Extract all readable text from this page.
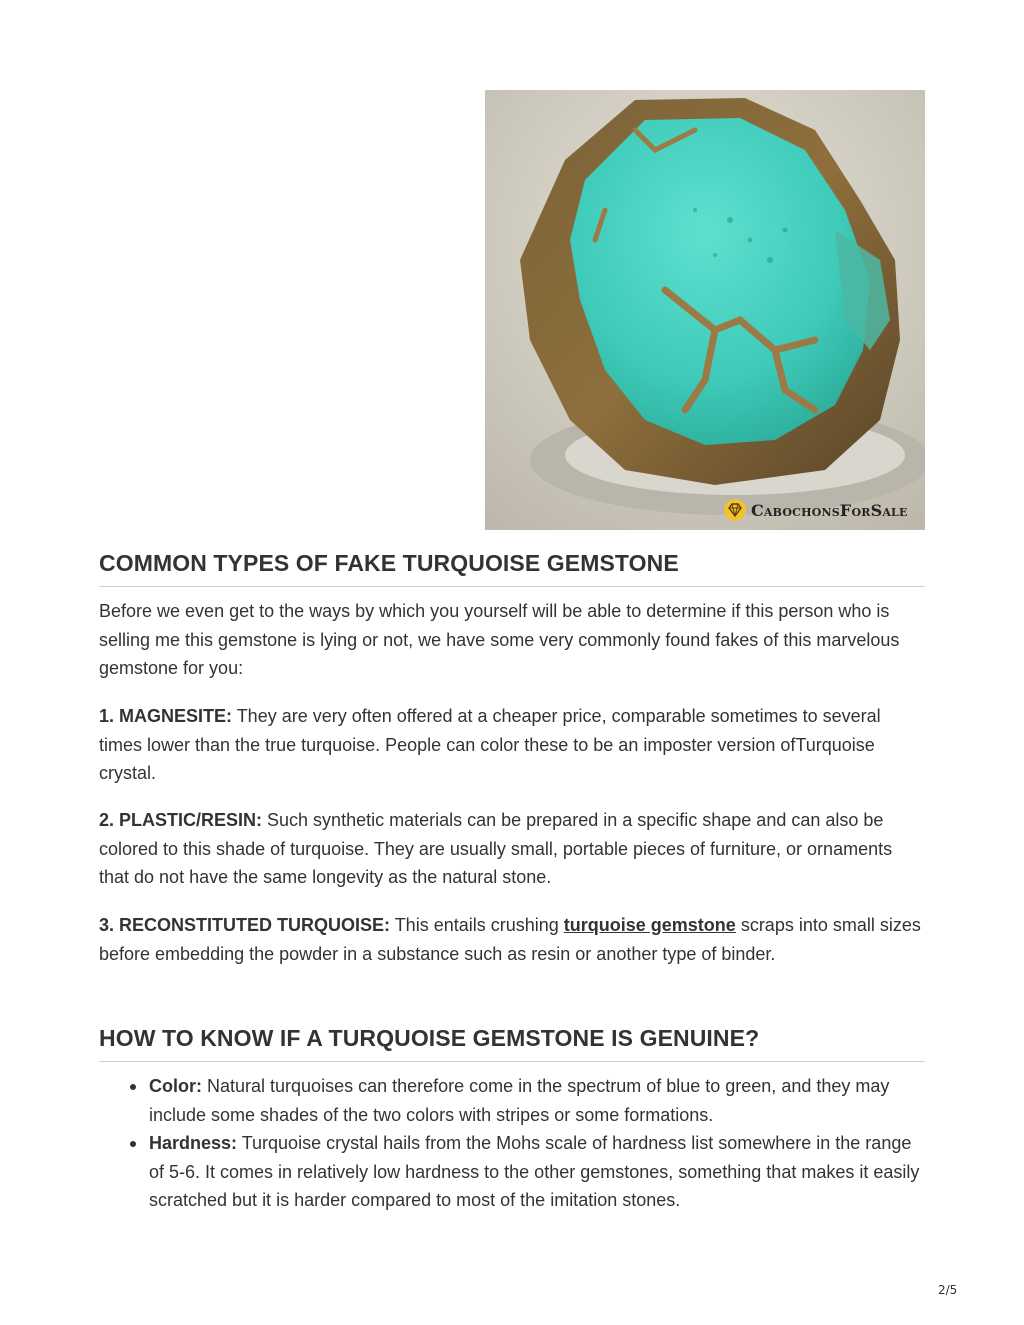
CabochonsForSale
COMMON TYPES OF FAKE TURQUOISE GEMSTONE

Before we even get to the ways by which you yourself will be able to determine if this person who is selling me this gemstone is lying or not, we have some very commonly found fakes of this marvelous gemstone for you:

1. MAGNESITE: They are very often offered at a cheaper price, comparable sometimes to several times lower than the true turquoise. People can color these to be an imposter version ofTurquoise crystal.

2. PLASTIC/RESIN: Such synthetic materials can be prepared in a specific shape and can also be colored to this shade of turquoise. They are usually small, portable pieces of furniture, or ornaments that do not have the same longevity as the natural stone.

3. RECONSTITUTED TURQUOISE: This entails crushing turquoise gemstone scraps into small sizes before embedding the powder in a substance such as resin or another type of binder.

HOW TO KNOW IF A TURQUOISE GEMSTONE IS GENUINE?
Color: Natural turquoises can therefore come in the spectrum of blue to green, and they may include some shades of the two colors with stripes or some formations.
Hardness: Turquoise crystal hails from the Mohs scale of hardness list somewhere in the range of 5-6. It comes in relatively low hardness to the other gemstones, something that makes it easily scratched but it is harder compared to most of the imitation stones.
2/5
